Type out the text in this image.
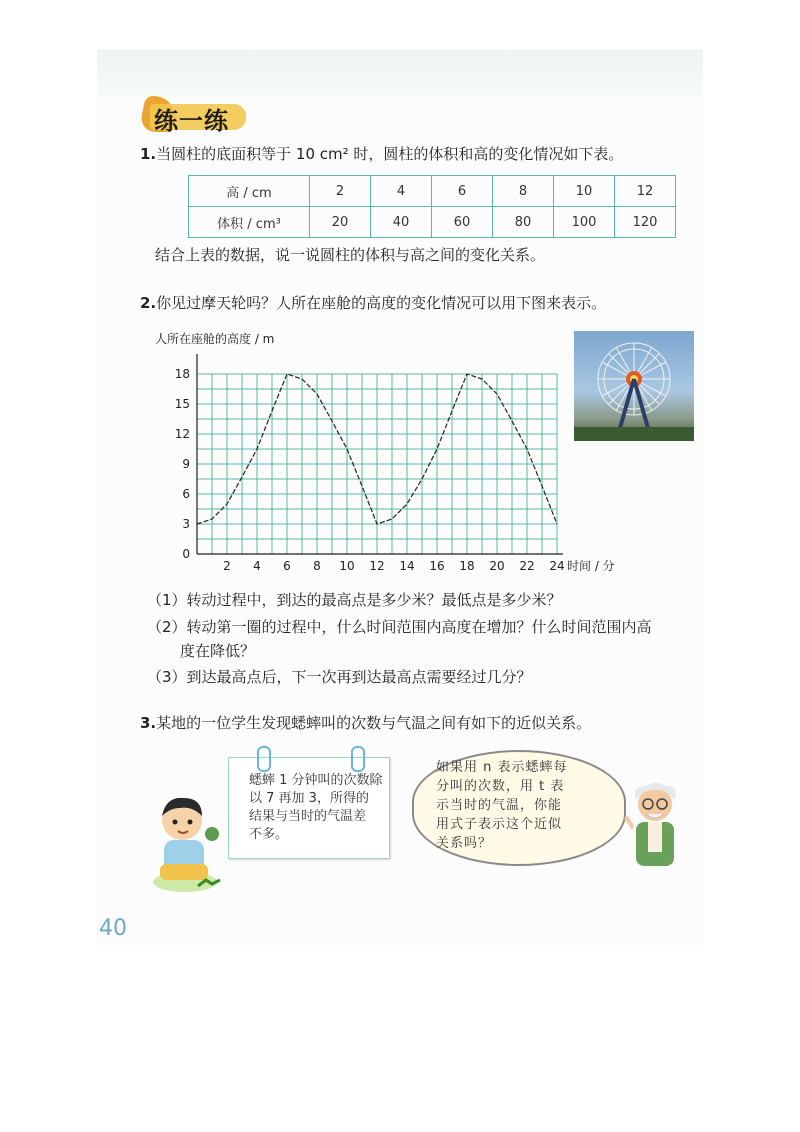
练一练
1.当圆柱的底面积等于 10 cm² 时，圆柱的体积和高的变化情况如下表。
高 / cm	2	4	6	8	10	12
体积 / cm³	20	40	60	80	100	120
结合上表的数据，说一说圆柱的体积与高之间的变化关系。
2.你见过摩天轮吗？人所在座舱的高度的变化情况可以用下图来表示。
2 4 6 8 10 12 14 16 18 20 22 24
3
6
9
12
15
18
0
人所在座舱的高度 / m
时间 / 分
（1）转动过程中，到达的最高点是多少米？最低点是多少米？
（2）转动第一圈的过程中，什么时间范围内高度在增加？什么时间范围内高
度在降低？
（3）到达最高点后，下一次再到达最高点需要经过几分？
3.某地的一位学生发现蟋蟀叫的次数与气温之间有如下的近似关系。
蟋蟀 1 分钟叫的次数除
以 7 再加 3，所得的
结果与当时的气温差
不多。
如果用 n 表示蟋蟀每
分叫的次数，用 t 表
示当时的气温，你能
用式子表示这个近似
关系吗？
40
